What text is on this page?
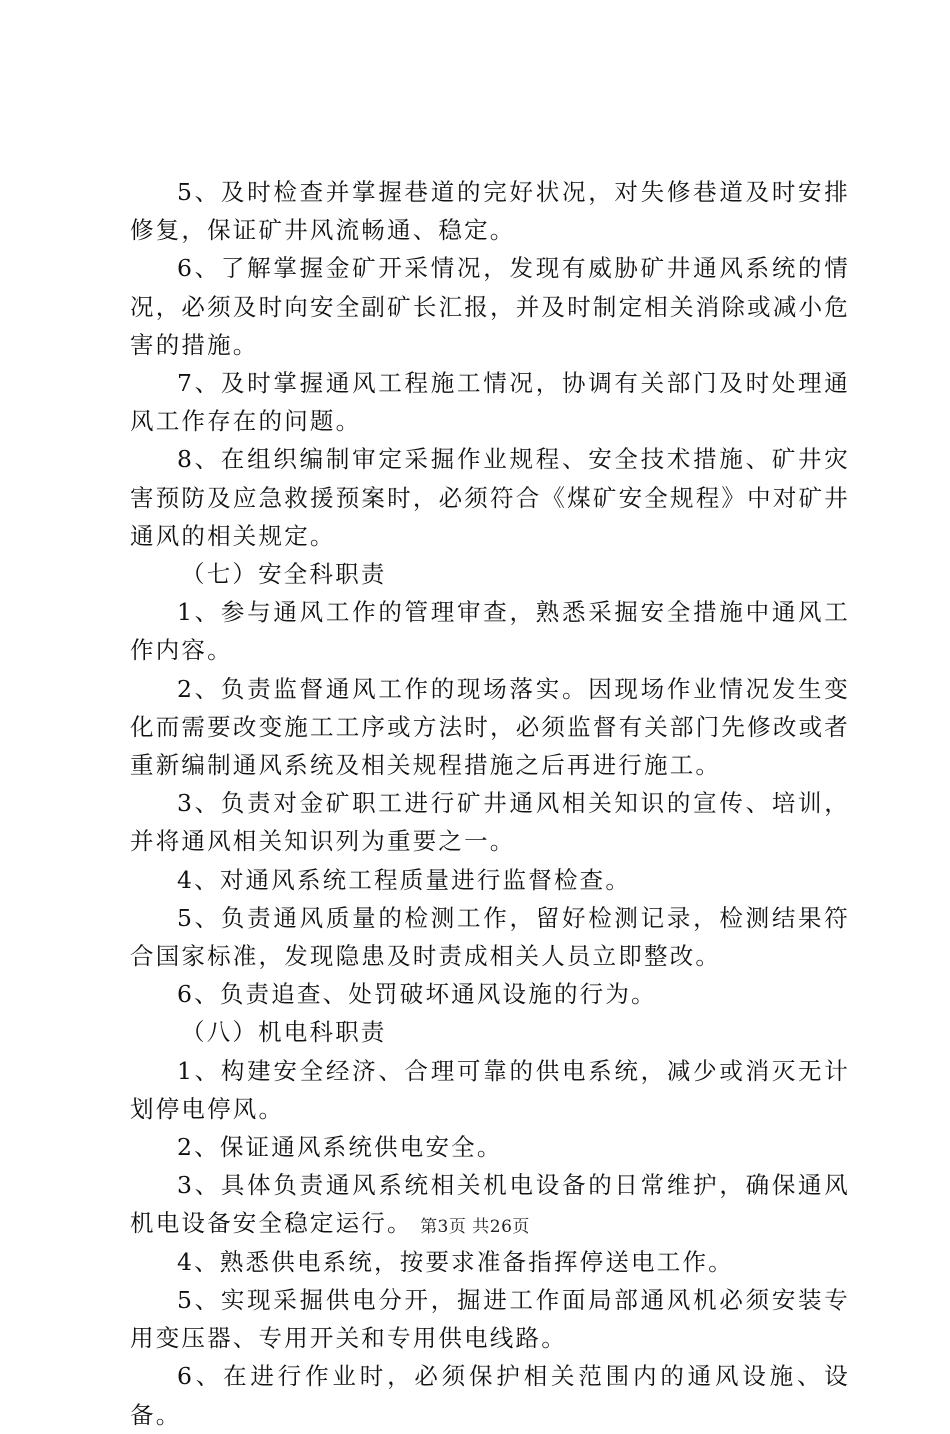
5、及时检查并掌握巷道的完好状况，对失修巷道及时安排修复，保证矿井风流畅通、稳定。

6、了解掌握金矿开采情况，发现有威胁矿井通风系统的情况，必须及时向安全副矿长汇报，并及时制定相关消除或减小危害的措施。

7、及时掌握通风工程施工情况，协调有关部门及时处理通风工作存在的问题。

8、在组织编制审定采掘作业规程、安全技术措施、矿井灾害预防及应急救援预案时，必须符合《煤矿安全规程》中对矿井通风的相关规定。

（七）安全科职责

1、参与通风工作的管理审查，熟悉采掘安全措施中通风工作内容。

2、负责监督通风工作的现场落实。因现场作业情况发生变化而需要改变施工工序或方法时，必须监督有关部门先修改或者重新编制通风系统及相关规程措施之后再进行施工。

3、负责对金矿职工进行矿井通风相关知识的宣传、培训，并将通风相关知识列为重要之一。

4、对通风系统工程质量进行监督检查。

5、负责通风质量的检测工作，留好检测记录，检测结果符合国家标准，发现隐患及时责成相关人员立即整改。

6、负责追查、处罚破坏通风设施的行为。

（八）机电科职责

1、构建安全经济、合理可靠的供电系统，减少或消灭无计划停电停风。

2、保证通风系统供电安全。

3、具体负责通风系统相关机电设备的日常维护，确保通风机电设备安全稳定运行。

4、熟悉供电系统，按要求准备指挥停送电工作。

5、实现采掘供电分开，掘进工作面局部通风机必须安装专用变压器、专用开关和专用供电线路。

6、在进行作业时，必须保护相关范围内的通风设施、设备。

第3页 共26页
